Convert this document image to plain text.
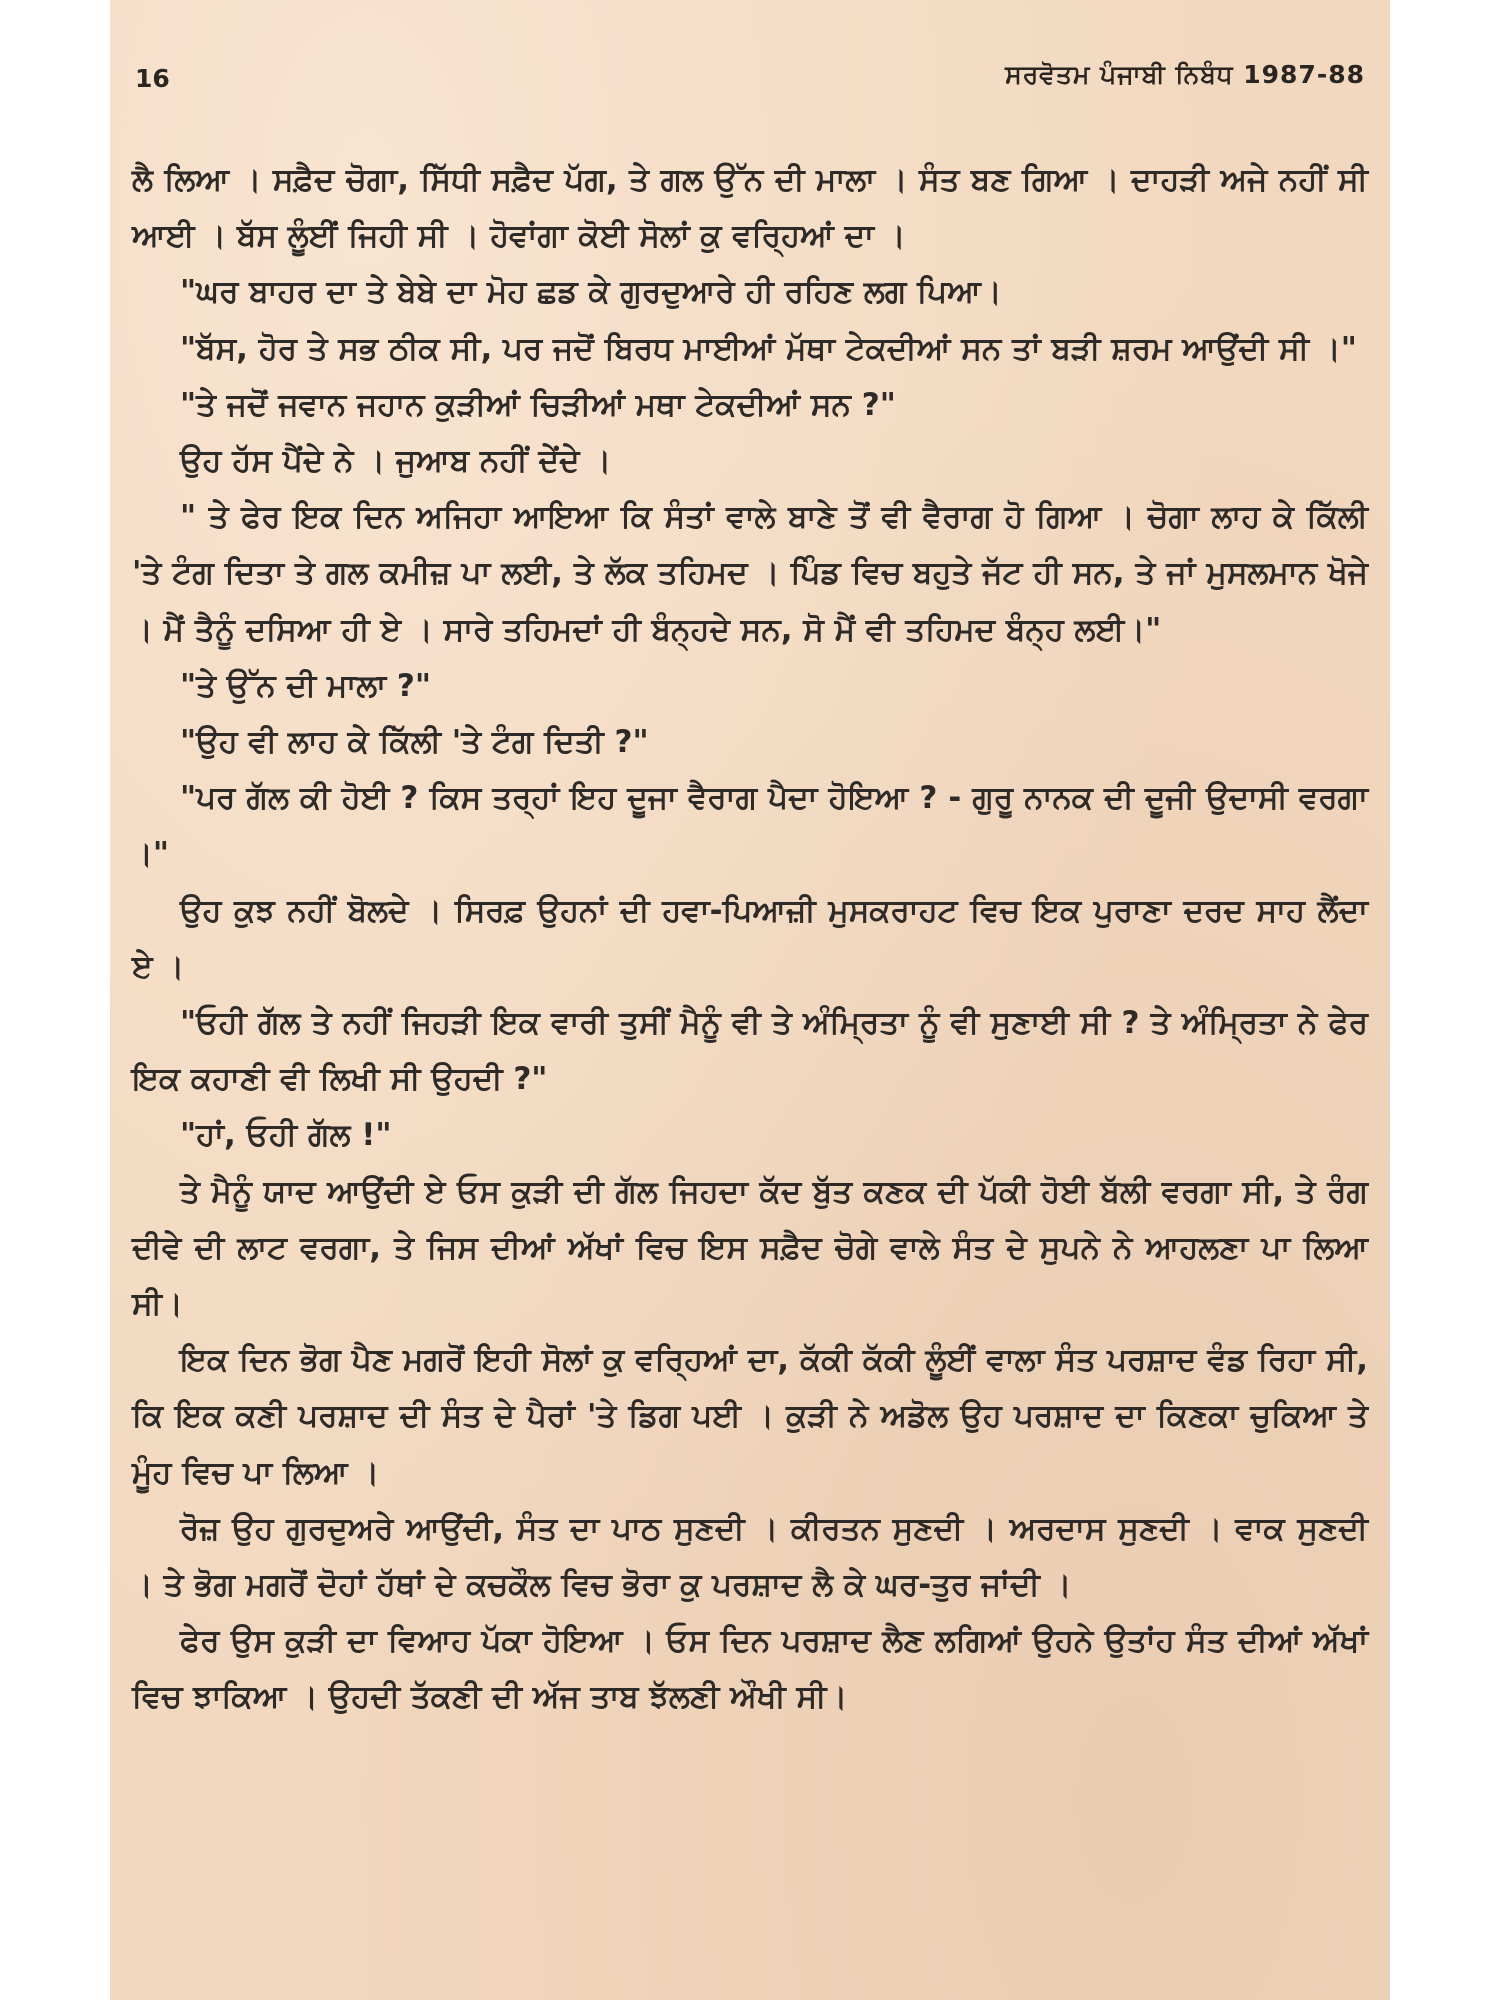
16	ਸਰਵੋਤਮ ਪੰਜਾਬੀ ਨਿਬੰਧ 1987-88

ਲੈ ਲਿਆ । ਸਫ਼ੈਦ ਚੋਗਾ, ਸਿੱਧੀ ਸਫ਼ੈਦ ਪੱਗ, ਤੇ ਗਲ ਉੱਨ ਦੀ ਮਾਲਾ । ਸੰਤ ਬਣ ਗਿਆ । ਦਾਹੜੀ ਅਜੇ ਨਹੀਂ ਸੀ ਆਈ । ਬੱਸ ਲੂੰਈਂ ਜਿਹੀ ਸੀ । ਹੋਵਾਂਗਾ ਕੋਈ ਸੋਲਾਂ ਕੁ ਵਰ੍ਹਿਆਂ ਦਾ ।

"ਘਰ ਬਾਹਰ ਦਾ ਤੇ ਬੇਬੇ ਦਾ ਮੋਹ ਛਡ ਕੇ ਗੁਰਦੁਆਰੇ ਹੀ ਰਹਿਣ ਲਗ ਪਿਆ।

"ਬੱਸ, ਹੋਰ ਤੇ ਸਭ ਠੀਕ ਸੀ, ਪਰ ਜਦੋਂ ਬਿਰਧ ਮਾਈਆਂ ਮੱਥਾ ਟੇਕਦੀਆਂ ਸਨ ਤਾਂ ਬੜੀ ਸ਼ਰਮ ਆਉਂਦੀ ਸੀ ।"

"ਤੇ ਜਦੋਂ ਜਵਾਨ ਜਹਾਨ ਕੁੜੀਆਂ ਚਿੜੀਆਂ ਮਥਾ ਟੇਕਦੀਆਂ ਸਨ ?"

ਉਹ ਹੱਸ ਪੈਂਦੇ ਨੇ । ਜੁਆਬ ਨਹੀਂ ਦੇਂਦੇ ।

" ਤੇ ਫੇਰ ਇਕ ਦਿਨ ਅਜਿਹਾ ਆਇਆ ਕਿ ਸੰਤਾਂ ਵਾਲੇ ਬਾਣੇ ਤੋਂ ਵੀ ਵੈਰਾਗ ਹੋ ਗਿਆ । ਚੋਗਾ ਲਾਹ ਕੇ ਕਿੱਲੀ 'ਤੇ ਟੰਗ ਦਿਤਾ ਤੇ ਗਲ ਕਮੀਜ਼ ਪਾ ਲਈ, ਤੇ ਲੱਕ ਤਹਿਮਦ । ਪਿੰਡ ਵਿਚ ਬਹੁਤੇ ਜੱਟ ਹੀ ਸਨ, ਤੇ ਜਾਂ ਮੁਸਲਮਾਨ ਖੋਜੇ । ਮੈਂ ਤੈਨੂੰ ਦਸਿਆ ਹੀ ਏ । ਸਾਰੇ ਤਹਿਮਦਾਂ ਹੀ ਬੰਨ੍ਹਦੇ ਸਨ, ਸੋ ਮੈਂ ਵੀ ਤਹਿਮਦ ਬੰਨ੍ਹ ਲਈ।"

"ਤੇ ਉੱਨ ਦੀ ਮਾਲਾ ?"

"ਉਹ ਵੀ ਲਾਹ ਕੇ ਕਿੱਲੀ 'ਤੇ ਟੰਗ ਦਿਤੀ ?"

"ਪਰ ਗੱਲ ਕੀ ਹੋਈ ? ਕਿਸ ਤਰ੍ਹਾਂ ਇਹ ਦੂਜਾ ਵੈਰਾਗ ਪੈਦਾ ਹੋਇਆ ? - ਗੁਰੂ ਨਾਨਕ ਦੀ ਦੂਜੀ ਉਦਾਸੀ ਵਰਗਾ ।"

ਉਹ ਕੁਝ ਨਹੀਂ ਬੋਲਦੇ । ਸਿਰਫ਼ ਉਹਨਾਂ ਦੀ ਹਵਾ-ਪਿਆਜ਼ੀ ਮੁਸਕਰਾਹਟ ਵਿਚ ਇਕ ਪੁਰਾਣਾ ਦਰਦ ਸਾਹ ਲੈਂਦਾ ਏ ।

"ਓਹੀ ਗੱਲ ਤੇ ਨਹੀਂ ਜਿਹੜੀ ਇਕ ਵਾਰੀ ਤੁਸੀਂ ਮੈਨੂੰ ਵੀ ਤੇ ਅੰਮ੍ਰਿਤਾ ਨੂੰ ਵੀ ਸੁਣਾਈ ਸੀ ? ਤੇ ਅੰਮ੍ਰਿਤਾ ਨੇ ਫੇਰ ਇਕ ਕਹਾਣੀ ਵੀ ਲਿਖੀ ਸੀ ਉਹਦੀ ?"

"ਹਾਂ, ਓਹੀ ਗੱਲ !"

ਤੇ ਮੈਨੂੰ ਯਾਦ ਆਉਂਦੀ ਏ ਓਸ ਕੁੜੀ ਦੀ ਗੱਲ ਜਿਹਦਾ ਕੱਦ ਬੁੱਤ ਕਣਕ ਦੀ ਪੱਕੀ ਹੋਈ ਬੱਲੀ ਵਰਗਾ ਸੀ, ਤੇ ਰੰਗ ਦੀਵੇ ਦੀ ਲਾਟ ਵਰਗਾ, ਤੇ ਜਿਸ ਦੀਆਂ ਅੱਖਾਂ ਵਿਚ ਇਸ ਸਫ਼ੈਦ ਚੋਗੇ ਵਾਲੇ ਸੰਤ ਦੇ ਸੁਪਨੇ ਨੇ ਆਹਲਣਾ ਪਾ ਲਿਆ ਸੀ।

ਇਕ ਦਿਨ ਭੋਗ ਪੈਣ ਮਗਰੋਂ ਇਹੀ ਸੋਲਾਂ ਕੁ ਵਰ੍ਹਿਆਂ ਦਾ, ਕੱਕੀ ਕੱਕੀ ਲੂੰਈਂ ਵਾਲਾ ਸੰਤ ਪਰਸ਼ਾਦ ਵੰਡ ਰਿਹਾ ਸੀ, ਕਿ ਇਕ ਕਣੀ ਪਰਸ਼ਾਦ ਦੀ ਸੰਤ ਦੇ ਪੈਰਾਂ 'ਤੇ ਡਿਗ ਪਈ । ਕੁੜੀ ਨੇ ਅਡੋਲ ਉਹ ਪਰਸ਼ਾਦ ਦਾ ਕਿਣਕਾ ਚੁਕਿਆ ਤੇ ਮੂੰਹ ਵਿਚ ਪਾ ਲਿਆ ।

ਰੋਜ਼ ਉਹ ਗੁਰਦੁਅਰੇ ਆਉਂਦੀ, ਸੰਤ ਦਾ ਪਾਠ ਸੁਣਦੀ । ਕੀਰਤਨ ਸੁਣਦੀ । ਅਰਦਾਸ ਸੁਣਦੀ । ਵਾਕ ਸੁਣਦੀ । ਤੇ ਭੋਗ ਮਗਰੋਂ ਦੋਹਾਂ ਹੱਥਾਂ ਦੇ ਕਚਕੌਲ ਵਿਚ ਭੋਰਾ ਕੁ ਪਰਸ਼ਾਦ ਲੈ ਕੇ ਘਰ-ਤੁਰ ਜਾਂਦੀ ।

ਫੇਰ ਉਸ ਕੁੜੀ ਦਾ ਵਿਆਹ ਪੱਕਾ ਹੋਇਆ । ਓਸ ਦਿਨ ਪਰਸ਼ਾਦ ਲੈਣ ਲਗਿਆਂ ਉਹਨੇ ਉਤਾਂਹ ਸੰਤ ਦੀਆਂ ਅੱਖਾਂ ਵਿਚ ਝਾਕਿਆ । ਉਹਦੀ ਤੱਕਣੀ ਦੀ ਅੱਜ ਤਾਬ ਝੱਲਣੀ ਔਖੀ ਸੀ।
